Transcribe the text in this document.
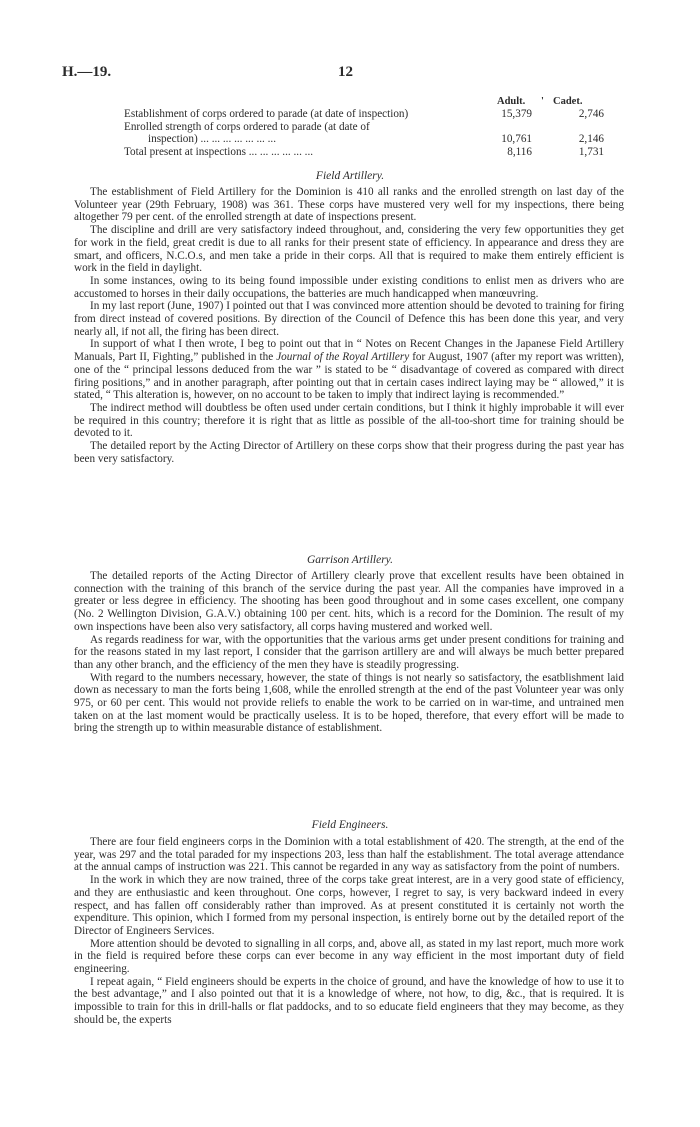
H.—19.	12
Adult. ' Cadet.
Establishment of corps ordered to parade (at date of inspection)	15,379	2,746
Enrolled strength of corps ordered to parade (at date of
inspection) ... ... ... ... ... ... ...	10,761	2,146
Total present at inspections ... ... ... ... ... ...	8,116	1,731
Field Artillery.

The establishment of Field Artillery for the Dominion is 410 all ranks and the enrolled strength on last day of the Volunteer year (29th February, 1908) was 361. These corps have mustered very well for my inspections, there being altogether 79 per cent. of the enrolled strength at date of inspections present.

The discipline and drill are very satisfactory indeed throughout, and, considering the very few opportunities they get for work in the field, great credit is due to all ranks for their present state of efficiency. In appearance and dress they are smart, and officers, N.C.O.s, and men take a pride in their corps. All that is required to make them entirely efficient is work in the field in daylight.

In some instances, owing to its being found impossible under existing conditions to enlist men as drivers who are accustomed to horses in their daily occupations, the batteries are much handicapped when manœuvring.

In my last report (June, 1907) I pointed out that I was convinced more attention should be devoted to training for firing from direct instead of covered positions. By direction of the Council of Defence this has been done this year, and very nearly all, if not all, the firing has been direct.

In support of what I then wrote, I beg to point out that in “ Notes on Recent Changes in the Japanese Field Artillery Manuals, Part II, Fighting,” published in the Journal of the Royal Artillery for August, 1907 (after my report was written), one of the “ principal lessons deduced from the war ” is stated to be “ disadvantage of covered as compared with direct firing positions,” and in another paragraph, after pointing out that in certain cases indirect laying may be “ allowed,” it is stated, “ This alteration is, however, on no account to be taken to imply that indirect laying is recommended.”

The indirect method will doubtless be often used under certain conditions, but I think it highly improbable it will ever be required in this country; therefore it is right that as little as possible of the all-too-short time for training should be devoted to it.

The detailed report by the Acting Director of Artillery on these corps show that their progress during the past year has been very satisfactory.

Garrison Artillery.

The detailed reports of the Acting Director of Artillery clearly prove that excellent results have been obtained in connection with the training of this branch of the service during the past year. All the companies have improved in a greater or less degree in efficiency. The shooting has been good throughout and in some cases excellent, one company (No. 2 Wellington Division, G.A.V.) obtaining 100 per cent. hits, which is a record for the Dominion. The result of my own inspections have been also very satisfactory, all corps having mustered and worked well.

As regards readiness for war, with the opportunities that the various arms get under present conditions for training and for the reasons stated in my last report, I consider that the garrison artillery are and will always be much better prepared than any other branch, and the efficiency of the men they have is steadily progressing.

With regard to the numbers necessary, however, the state of things is not nearly so satisfactory, the esatblishment laid down as necessary to man the forts being 1,608, while the enrolled strength at the end of the past Volunteer year was only 975, or 60 per cent. This would not provide reliefs to enable the work to be carried on in war-time, and untrained men taken on at the last moment would be practically useless. It is to be hoped, therefore, that every effort will be made to bring the strength up to within measurable distance of establishment.

Field Engineers.

There are four field engineers corps in the Dominion with a total establishment of 420. The strength, at the end of the year, was 297 and the total paraded for my inspections 203, less than half the establishment. The total average attendance at the annual camps of instruction was 221. This cannot be regarded in any way as satisfactory from the point of numbers.

In the work in which they are now trained, three of the corps take great interest, are in a very good state of efficiency, and they are enthusiastic and keen throughout. One corps, however, I regret to say, is very backward indeed in every respect, and has fallen off considerably rather than improved. As at present constituted it is certainly not worth the expenditure. This opinion, which I formed from my personal inspection, is entirely borne out by the detailed report of the Director of Engineers Services.

More attention should be devoted to signalling in all corps, and, above all, as stated in my last report, much more work in the field is required before these corps can ever become in any way efficient in the most important duty of field engineering.

I repeat again, “ Field engineers should be experts in the choice of ground, and have the knowledge of how to use it to the best advantage,” and I also pointed out that it is a knowledge of where, not how, to dig, &c., that is required. It is impossible to train for this in drill-halls or flat paddocks, and to so educate field engineers that they may become, as they should be, the experts
